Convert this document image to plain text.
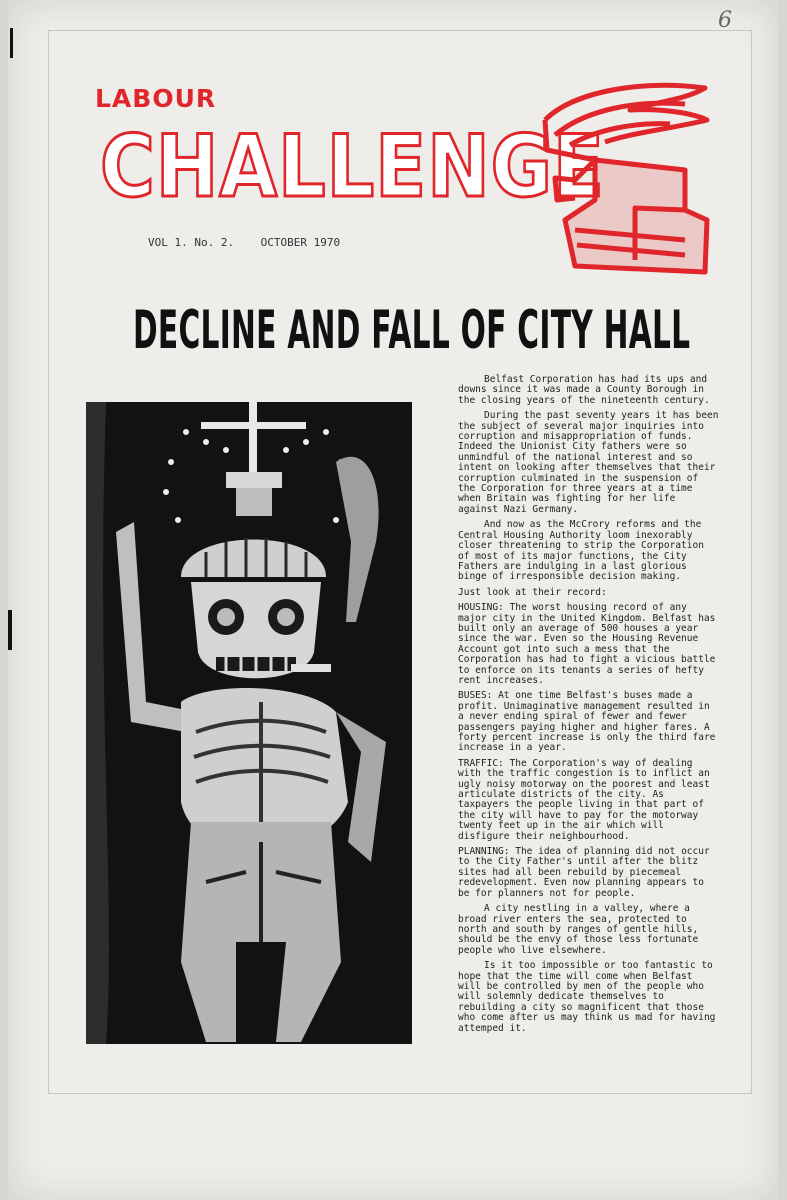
6
LABOUR
CHALLENGE
VOL 1. No. 2. OCTOBER 1970
DECLINE AND FALL OF CITY HALL

Belfast Corporation has had its ups and downs since it was made a County Borough in the closing years of the nineteenth century.

During the past seventy years it has been the subject of several major inquiries into corruption and misappropriation of funds. Indeed the Unionist City fathers were so unmindful of the national interest and so intent on looking after themselves that their corruption culminated in the suspension of the Corporation for three years at a time when Britain was fighting for her life against Nazi Germany.

And now as the McCrory reforms and the Central Housing Authority loom inexorably closer threatening to strip the Corporation of most of its major functions, the City Fathers are indulging in a last glorious binge of irresponsible decision making.

Just look at their record:

HOUSING: The worst housing record of any major city in the United Kingdom. Belfast has built only an average of 500 houses a year since the war. Even so the Housing Revenue Account got into such a mess that the Corporation has had to fight a vicious battle to enforce on its tenants a series of hefty rent increases.
BUSES: At one time Belfast's buses made a profit. Unimaginative management resulted in a never ending spiral of fewer and fewer passengers paying higher and higher fares. A forty percent increase is only the third fare increase in a year.
TRAFFIC: The Corporation's way of dealing with the traffic congestion is to inflict an ugly noisy motorway on the poorest and least articulate districts of the city. As taxpayers the people living in that part of the city will have to pay for the motorway twenty feet up in the air which will disfigure their neighbourhood.
PLANNING: The idea of planning did not occur to the City Father's until after the blitz sites had all been rebuild by piecemeal redevelopment. Even now planning appears to be for planners not for people.

A city nestling in a valley, where a broad river enters the sea, protected to north and south by ranges of gentle hills, should be the envy of those less fortunate people who live elsewhere.

Is it too impossible or too fantastic to hope that the time will come when Belfast will be controlled by men of the people who will solemnly dedicate themselves to rebuilding a city so magnificent that those who come after us may think us mad for having attemped it.
